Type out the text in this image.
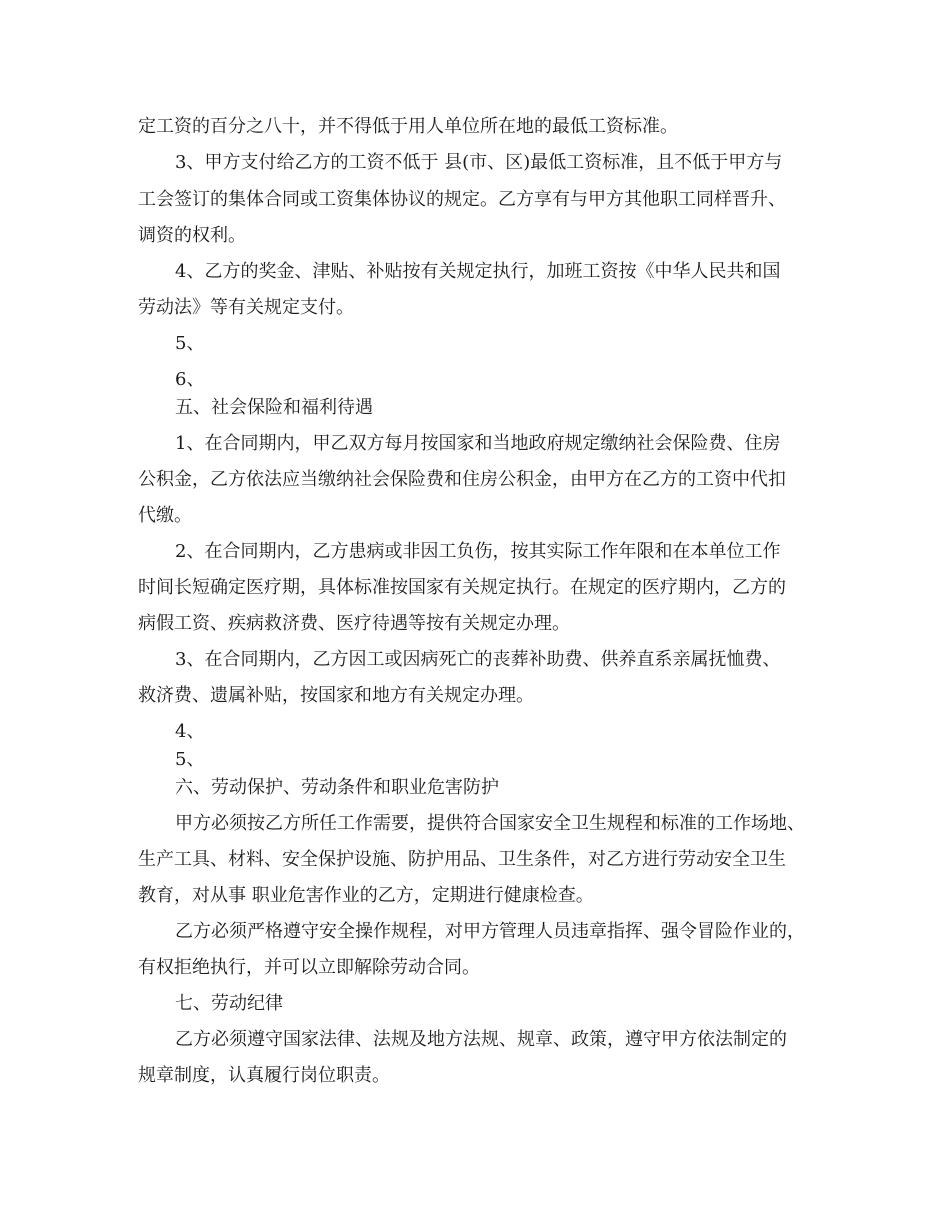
定工资的百分之八十，并不得低于用人单位所在地的最低工资标准。
3、甲方支付给乙方的工资不低于 县(市、区)最低工资标准，且不低于甲方与
工会签订的集体合同或工资集体协议的规定。乙方享有与甲方其他职工同样晋升、
调资的权利。
4、乙方的奖金、津贴、补贴按有关规定执行，加班工资按《中华人民共和国
劳动法》等有关规定支付。
5、
6、
五、社会保险和福利待遇
1、在合同期内，甲乙双方每月按国家和当地政府规定缴纳社会保险费、住房
公积金，乙方依法应当缴纳社会保险费和住房公积金，由甲方在乙方的工资中代扣
代缴。
2、在合同期内，乙方患病或非因工负伤，按其实际工作年限和在本单位工作
时间长短确定医疗期，具体标准按国家有关规定执行。在规定的医疗期内，乙方的
病假工资、疾病救济费、医疗待遇等按有关规定办理。
3、在合同期内，乙方因工或因病死亡的丧葬补助费、供养直系亲属抚恤费、
救济费、遗属补贴，按国家和地方有关规定办理。
4、
5、
六、劳动保护、劳动条件和职业危害防护
甲方必须按乙方所任工作需要，提供符合国家安全卫生规程和标准的工作场地、
生产工具、材料、安全保护设施、防护用品、卫生条件，对乙方进行劳动安全卫生
教育，对从事 职业危害作业的乙方，定期进行健康检查。
乙方必须严格遵守安全操作规程，对甲方管理人员违章指挥、强令冒险作业的，
有权拒绝执行，并可以立即解除劳动合同。
七、劳动纪律
乙方必须遵守国家法律、法规及地方法规、规章、政策，遵守甲方依法制定的
规章制度，认真履行岗位职责。
